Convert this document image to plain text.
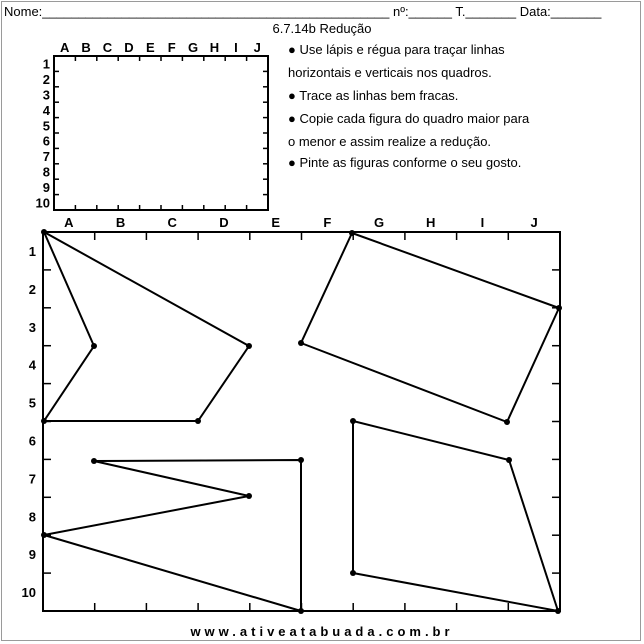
Nome:________________________________________________ nº:______ T._______ Data:_______
6.7.14b Redução
● Use lápis e régua para traçar linhas
horizontais e verticais nos quadros.
● Trace as linhas bem fracas.
● Copie cada figura do quadro maior para
o menor e assim realize a redução.
● Pinte as figuras conforme o seu gosto.
A B C D E F G H I J
1
2
3
4
5
6
7
8
9
10
A	B	C	D	E	F	G	H	I	J
1
2
3
4
5
6
7
8
9
10
www.ativeatabuada.com.br
